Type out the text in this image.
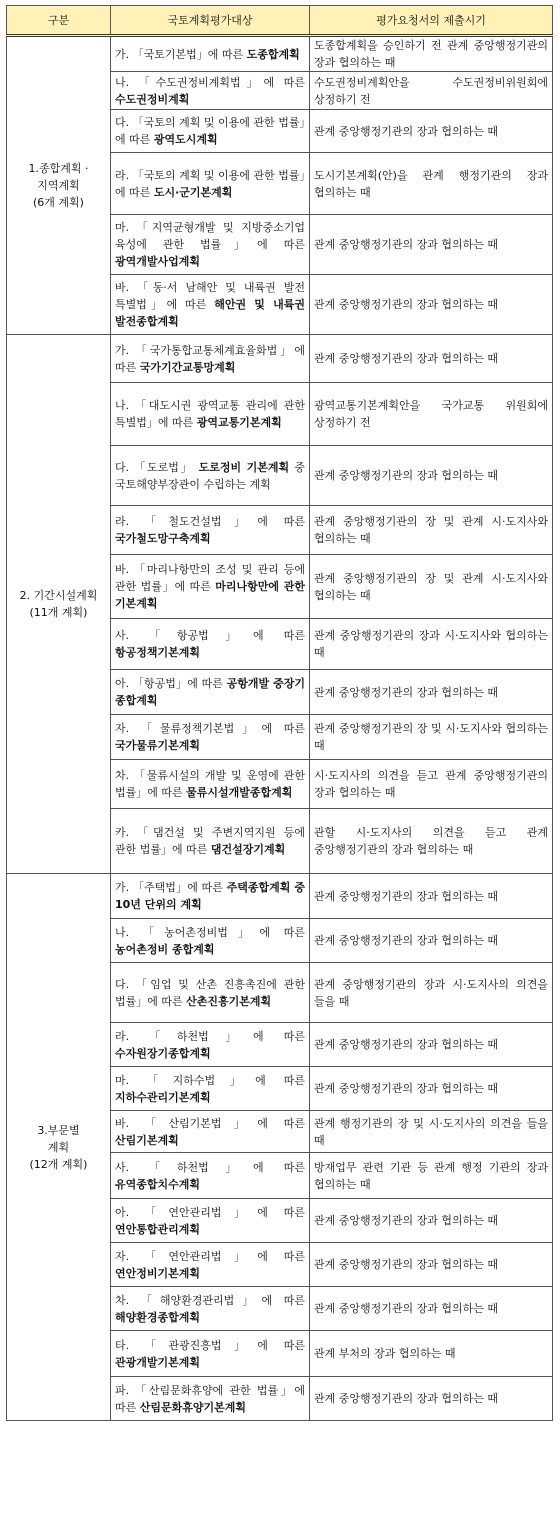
구분	국토계획평가대상	평가요청서의 제출시기

1.종합계획 ·
지역계획
(6개 계획)	가. 「국토기본법」에 따른 도종합계획	도종합계획을 승인하기 전 관계 중앙행정기관의 장과 협의하는 때
	나. 「수도권정비계획법」에 따른 수도권정비계획	수도권정비계획안을 수도권정비위원회에 상정하기 전
	다. 「국토의 계획 및 이용에 관한 법률」에 따른 광역도시계획	관계 중앙행정기관의 장과 협의하는 때
	라. 「국토의 계획 및 이용에 관한 법률」에 따른 도시·군기본계획	도시기본계획(안)을 관계 행정기관의 장과 협의하는 때
	마. 「지역균형개발 및 지방중소기업 육성에 관한 법률」에 따른 광역개발사업계획	관계 중앙행정기관의 장과 협의하는 때
	바. 「동·서 남해안 및 내륙권 발전 특별법」에 따른 해안권 및 내륙권 발전종합계획	관계 중앙행정기관의 장과 협의하는 때

2. 기간시설계획
(11개 계획)	가. 「국가통합교통체계효율화법」에 따른 국가기간교통망계획	관계 중앙행정기관의 장과 협의하는 때
	나. 「대도시권 광역교통 관리에 관한 특별법」에 따른 광역교통기본계획	광역교통기본계획안을 국가교통 위원회에 상정하기 전
	다. 「도로법」 도로정비 기본계획 중 국토해양부장관이 수립하는 계획	관계 중앙행정기관의 장과 협의하는 때
	라. 「철도건설법」에 따른 국가철도망구축계획	관계 중앙행정기관의 장 및 관계 시·도지사와 협의하는 때
	바. 「마리나항만의 조성 및 관리 등에 관한 법률」에 따른 마리나항만에 관한 기본계획	관계 중앙행정기관의 장 및 관계 시·도지사와 협의하는 때
	사. 「항공법」에 따른 항공정책기본계획	관계 중앙행정기관의 장과 시·도지사와 협의하는 때
	아. 「항공법」에 따른 공항개발 중장기 종합계획	관계 중앙행정기관의 장과 협의하는 때
	자. 「물류정책기본법」에 따른 국가물류기본계획	관계 중앙행정기관의 장 및 시·도지사와 협의하는 때
	차. 「물류시설의 개발 및 운영에 관한 법률」에 따른 물류시설개발종합계획	시·도지사의 의견을 듣고 관계 중앙행정기관의 장과 협의하는 때
	카. 「댐건설 및 주변지역지원 등에 관한 법률」에 따른 댐건설장기계획	관할 시·도지사의 의견을 듣고 관계 중앙행정기관의 장과 협의하는 때

3.부문별
계획
(12개 계획)	가. 「주택법」에 따른 주택종합계획 중 10년 단위의 계획	관계 중앙행정기관의 장과 협의하는 때
	나. 「농어촌정비법」에 따른 농어촌정비 종합계획	관계 중앙행정기관의 장과 협의하는 때
	다. 「임업 및 산촌 진흥촉진에 관한 법률」에 따른 산촌진흥기본계획	관계 중앙행정기관의 장과 시·도지사의 의견을 들을 때
	라. 「하천법」에 따른 수자원장기종합계획	관계 중앙행정기관의 장과 협의하는 때
	마. 「지하수법」에 따른 지하수관리기본계획	관계 중앙행정기관의 장과 협의하는 때
	바. 「산림기본법」에 따른 산림기본계획	관계 행정기관의 장 및 시·도지사의 의견을 들을 때
	사. 「하천법」에 따른 유역종합치수계획	방재업무 관련 기관 등 관계 행정 기관의 장과 협의하는 때
	아. 「연안관리법」에 따른 연안통합관리계획	관계 중앙행정기관의 장과 협의하는 때
	자. 「연안관리법」에 따른 연안정비기본계획	관계 중앙행정기관의 장과 협의하는 때
	차. 「해양환경관리법」에 따른 해양환경종합계획	관계 중앙행정기관의 장과 협의하는 때
	타. 「관광진흥법」에 따른 관광개발기본계획	관계 부처의 장과 협의하는 때
	파. 「산림문화휴양에 관한 법률」에 따른 산림문화휴양기본계획	관계 중앙행정기관의 장과 협의하는 때
